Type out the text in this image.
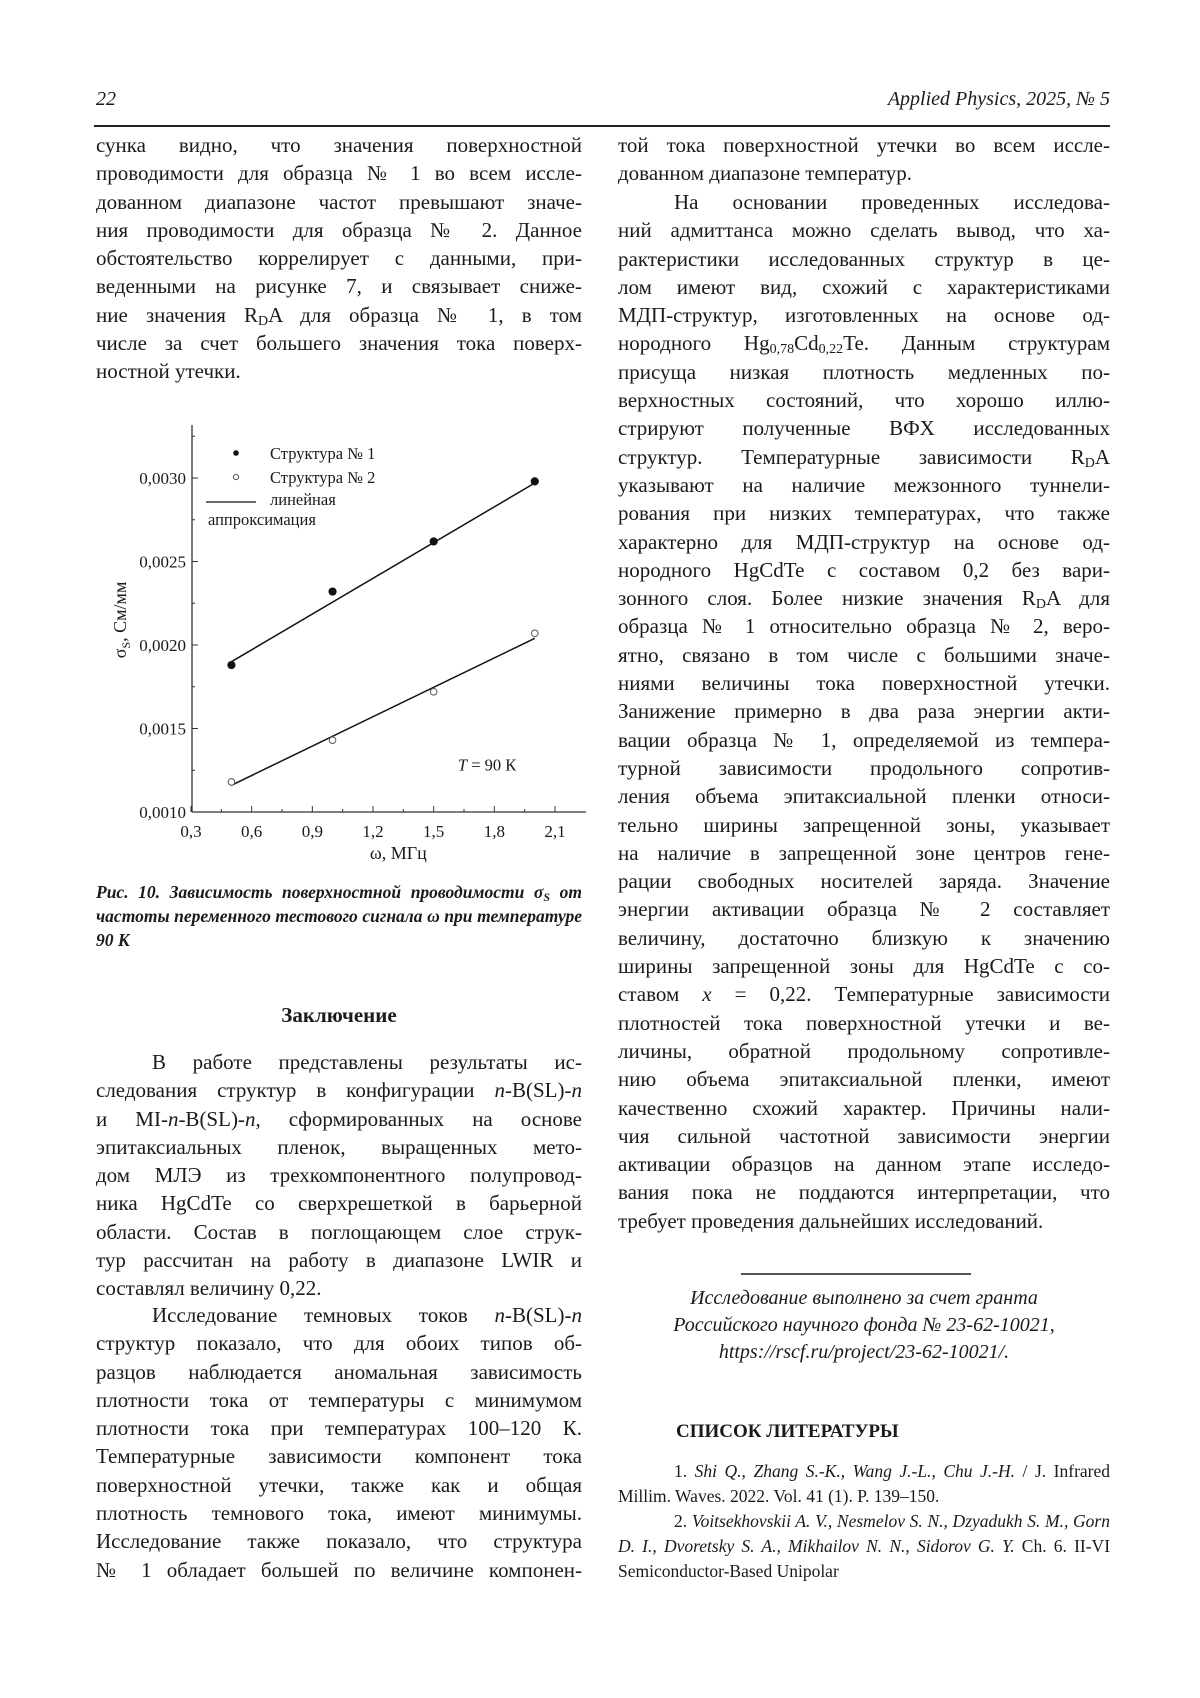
22	Applied Physics, 2025, № 5
сунка видно, что значения поверхностной
проводимости для образца № 1 во всем иссле-
дованном диапазоне частот превышают значе-
ния проводимости для образца № 2. Данное
обстоятельство коррелирует с данными, при-
веденными на рисунке 7, и связывает сниже-
ние значения $R_DA$ для образца № 1, в том
числе за счет большего значения тока поверх-
ностной утечки.
0,3 0,6 0,9 1,2 1,5 1,8 2,1
0,0010
0,0015
0,0020
0,0025
0,0030
ω, МГц
$\sigma_S$, См/мм
Структура № 1
Структура № 2
линейная
аппроксимация
T = 90 К
Рис. 10. Зависимость поверхностной проводимости $\sigma_S$ от частоты переменного тестового сигнала ω при температуре 90 К
Заключение
В работе представлены результаты ис-
следования структур в конфигурации n-B(SL)-n
и MI-n-B(SL)-n, сформированных на основе
эпитаксиальных пленок, выращенных мето-
дом МЛЭ из трехкомпонентного полупровод-
ника HgCdTe со сверхрешеткой в барьерной
области. Состав в поглощающем слое струк-
тур рассчитан на работу в диапазоне LWIR и
составлял величину 0,22.
Исследование темновых токов n-B(SL)-n
структур показало, что для обоих типов об-
разцов наблюдается аномальная зависимость
плотности тока от температуры с минимумом
плотности тока при температурах 100–120 К.
Температурные зависимости компонент тока
поверхностной утечки, также как и общая
плотность темнового тока, имеют минимумы.
Исследование также показало, что структура
№ 1 обладает большей по величине компонен-
той тока поверхностной утечки во всем иссле-
дованном диапазоне температур.
На основании проведенных исследова-
ний адмиттанса можно сделать вывод, что ха-
рактеристики исследованных структур в це-
лом имеют вид, схожий с характеристиками
МДП-структур, изготовленных на основе од-
нородного $Hg_{0,78}Cd_{0,22}Te$. Данным структурам
присуща низкая плотность медленных по-
верхностных состояний, что хорошо иллю-
стрируют полученные ВФХ исследованных
структур. Температурные зависимости $R_DA$
указывают на наличие межзонного туннели-
рования при низких температурах, что также
характерно для МДП-структур на основе од-
нородного HgCdTe с составом 0,2 без вари-
зонного слоя. Более низкие значения $R_DA$ для
образца № 1 относительно образца № 2, веро-
ятно, связано в том числе с большими значе-
ниями величины тока поверхностной утечки.
Занижение примерно в два раза энергии акти-
вации образца № 1, определяемой из темпера-
турной зависимости продольного сопротив-
ления объема эпитаксиальной пленки относи-
тельно ширины запрещенной зоны, указывает
на наличие в запрещенной зоне центров гене-
рации свободных носителей заряда. Значение
энергии активации образца № 2 составляет
величину, достаточно близкую к значению
ширины запрещенной зоны для HgCdTe с со-
ставом x = 0,22. Температурные зависимости
плотностей тока поверхностной утечки и ве-
личины, обратной продольному сопротивле-
нию объема эпитаксиальной пленки, имеют
качественно схожий характер. Причины нали-
чия сильной частотной зависимости энергии
активации образцов на данном этапе исследо-
вания пока не поддаются интерпретации, что
требует проведения дальнейших исследований.
Исследование выполнено за счет гранта
Российского научного фонда № 23-62-10021,
https://rscf.ru/project/23-62-10021/.
СПИСОК ЛИТЕРАТУРЫ
1. Shi Q., Zhang S.-K., Wang J.-L., Chu J.-H. / J. Infrared Millim. Waves. 2022. Vol. 41 (1). P. 139–150.
2. Voitsekhovskii A. V., Nesmelov S. N., Dzyadukh S. M., Gorn D. I., Dvoretsky S. A., Mikhailov N. N., Sidorov G. Y. Ch. 6. II-VI Semiconductor-Based Unipolar
